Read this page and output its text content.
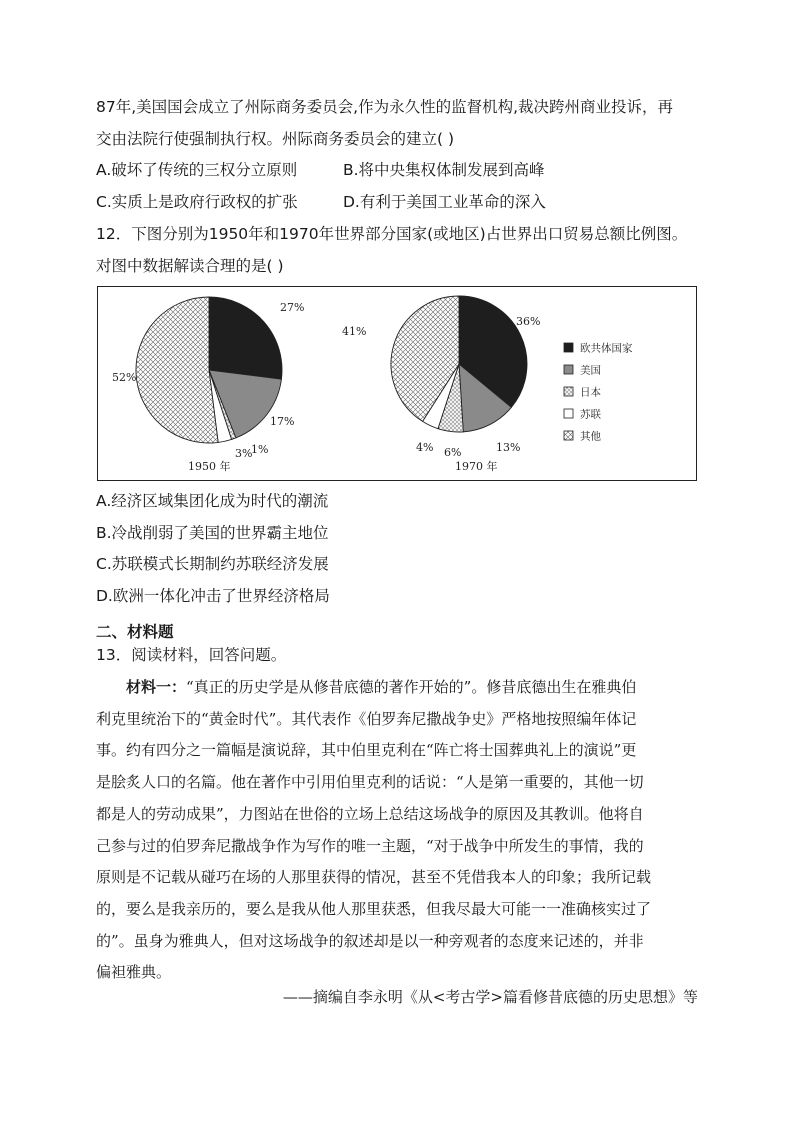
87年,美国国会成立了州际商务委员会,作为永久性的监督机构,裁决跨州商业投诉，再
交由法院行使强制执行权。州际商务委员会的建立( )
A.破坏了传统的三权分立原则	B.将中央集权体制发展到高峰
C.实质上是政府行政权的扩张	D.有利于美国工业革命的深入
12．下图分别为1950年和1970年世界部分国家(或地区)占世界出口贸易总额比例图。
对图中数据解读合理的是( )
27%
17%
1%
3%
52%
1950 年
36%
13%
6%
4%
41%
1970 年
欧共体国家
美国
日本
苏联
其他
A.经济区域集团化成为时代的潮流
B.冷战削弱了美国的世界霸主地位
C.苏联模式长期制约苏联经济发展
D.欧洲一体化冲击了世界经济格局
二、材料题
13．阅读材料，回答问题。
材料一：“真正的历史学是从修昔底德的著作开始的”。修昔底德出生在雅典伯
利克里统治下的“黄金时代”。其代表作《伯罗奔尼撒战争史》严格地按照编年体记
事。约有四分之一篇幅是演说辞，其中伯里克利在“阵亡将士国葬典礼上的演说”更
是脍炙人口的名篇。他在著作中引用伯里克利的话说：“人是第一重要的，其他一切
都是人的劳动成果”，力图站在世俗的立场上总结这场战争的原因及其教训。他将自
己参与过的伯罗奔尼撒战争作为写作的唯一主题，“对于战争中所发生的事情，我的
原则是不记载从碰巧在场的人那里获得的情况，甚至不凭借我本人的印象；我所记载
的，要么是我亲历的，要么是我从他人那里获悉，但我尽最大可能一一准确核实过了
的”。虽身为雅典人，但对这场战争的叙述却是以一种旁观者的态度来记述的，并非
偏袒雅典。
——摘编自李永明《从<考古学>篇看修昔底德的历史思想》等
